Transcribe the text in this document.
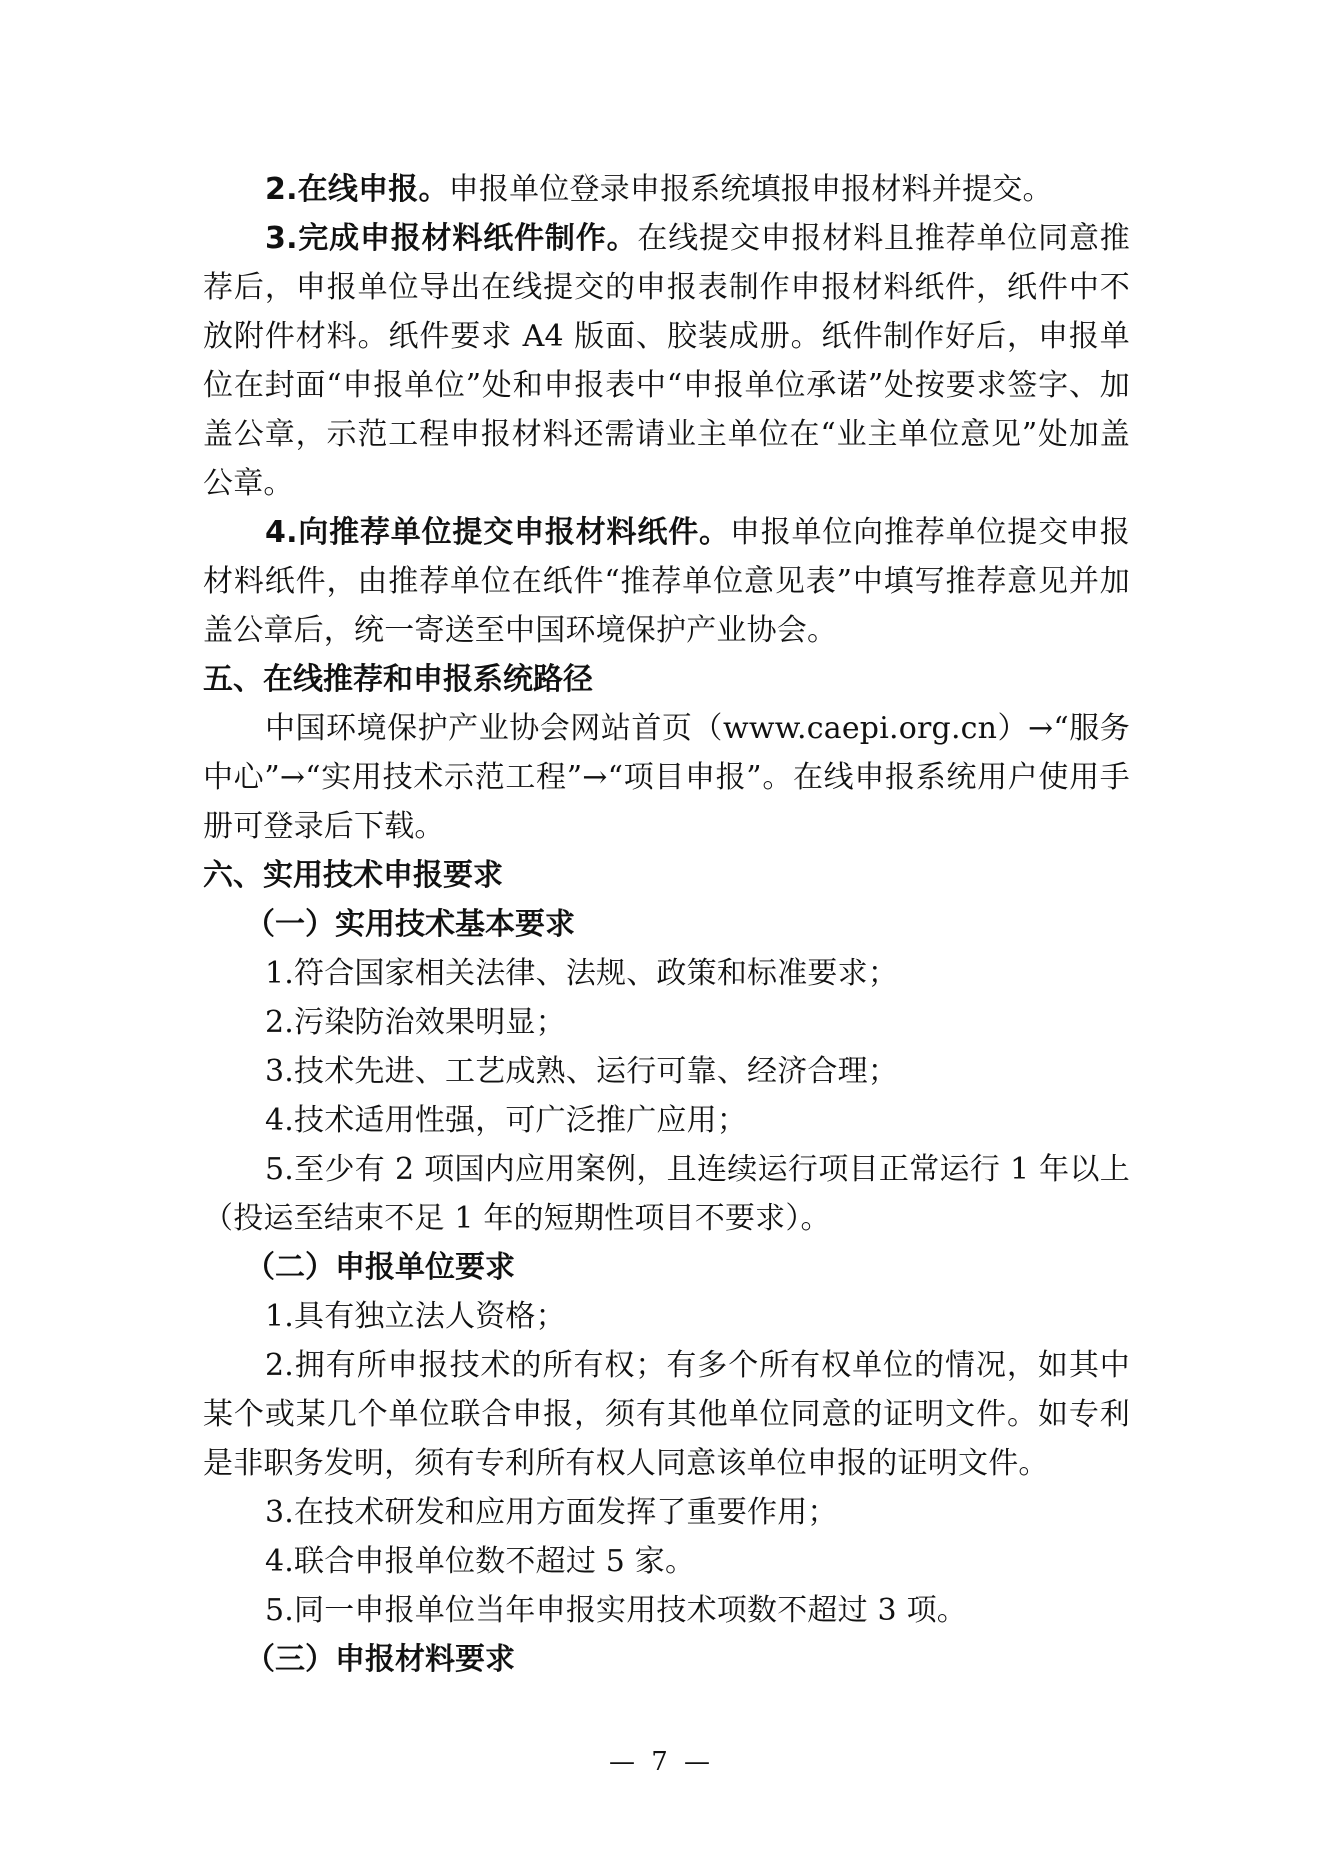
2.在线申报。申报单位登录申报系统填报申报材料并提交。

3.完成申报材料纸件制作。在线提交申报材料且推荐单位同意推荐后，申报单位导出在线提交的申报表制作申报材料纸件，纸件中不放附件材料。纸件要求 A4 版面、胶装成册。纸件制作好后，申报单位在封面“申报单位”处和申报表中“申报单位承诺”处按要求签字、加盖公章，示范工程申报材料还需请业主单位在“业主单位意见”处加盖公章。

4.向推荐单位提交申报材料纸件。申报单位向推荐单位提交申报材料纸件，由推荐单位在纸件“推荐单位意见表”中填写推荐意见并加盖公章后，统一寄送至中国环境保护产业协会。

五、在线推荐和申报系统路径

中国环境保护产业协会网站首页（www.caepi.org.cn）→“服务中心”→“实用技术示范工程”→“项目申报”。在线申报系统用户使用手册可登录后下载。

六、实用技术申报要求

（一）实用技术基本要求

1.符合国家相关法律、法规、政策和标准要求；

2.污染防治效果明显；

3.技术先进、工艺成熟、运行可靠、经济合理；

4.技术适用性强，可广泛推广应用；

5.至少有 2 项国内应用案例，且连续运行项目正常运行 1 年以上（投运至结束不足 1 年的短期性项目不要求）。

（二）申报单位要求

1.具有独立法人资格；

2.拥有所申报技术的所有权；有多个所有权单位的情况，如其中某个或某几个单位联合申报，须有其他单位同意的证明文件。如专利是非职务发明，须有专利所有权人同意该单位申报的证明文件。

3.在技术研发和应用方面发挥了重要作用；

4.联合申报单位数不超过 5 家。

5.同一申报单位当年申报实用技术项数不超过 3 项。

（三）申报材料要求

— 7 —
